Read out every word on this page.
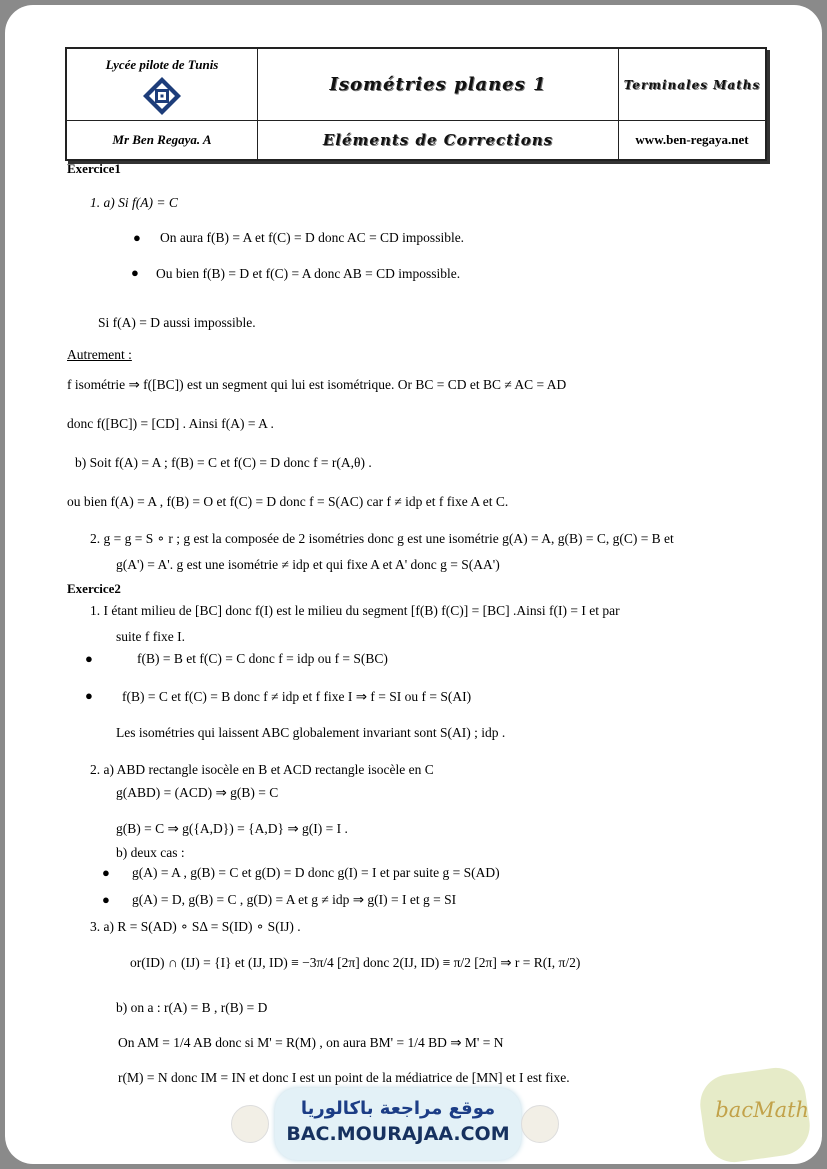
Lycée pilote de Tunis	Isométries planes 1	Terminales Maths
Mr Ben Regaya. A	Eléments de Corrections	www.ben-regaya.net
Exercice1
1. a) Si f(A) = C
● On aura f(B) = A et f(C) = D donc AC = CD impossible.
● Ou bien f(B) = D et f(C) = A donc AB = CD impossible.
Si f(A) = D aussi impossible.
Autrement :
f isométrie ⇒ f([BC]) est un segment qui lui est isométrique. Or BC = CD et BC ≠ AC = AD
donc f([BC]) = [CD] . Ainsi f(A) = A .
b) Soit f(A) = A ; f(B) = C et f(C) = D donc f = r(A,θ) .
ou bien f(A) = A , f(B) = O et f(C) = D donc f = S(AC) car f ≠ idp et f fixe A et C.
2. g = g = S ∘ r ; g est la composée de 2 isométries donc g est une isométrie g(A) = A, g(B) = C, g(C) = B et
g(A') = A'. g est une isométrie ≠ idp et qui fixe A et A' donc g = S(AA')
Exercice2
1. I étant milieu de [BC] donc f(I) est le milieu du segment [f(B) f(C)] = [BC] .Ainsi f(I) = I et par
suite f fixe I.
●	f(B) = B et f(C) = C donc f = idp ou f = S(BC)
● f(B) = C et f(C) = B donc f ≠ idp et f fixe I ⇒ f = SI ou f = S(AI)
Les isométries qui laissent ABC globalement invariant sont S(AI) ; idp .
2. a) ABD rectangle isocèle en B et ACD rectangle isocèle en C
g(ABD) = (ACD) ⇒ g(B) = C
g(B) = C ⇒ g({A,D}) = {A,D} ⇒ g(I) = I .
b) deux cas :
● g(A) = A , g(B) = C et g(D) = D donc g(I) = I et par suite g = S(AD)
● g(A) = D, g(B) = C , g(D) = A et g ≠ idp ⇒ g(I) = I et g = SI
3. a) R = S(AD) ∘ SΔ = S(ID) ∘ S(IJ) .
or(ID) ∩ (IJ) = {I} et (IJ, ID) ≡ −3π/4 [2π] donc 2(IJ, ID) ≡ π/2 [2π] ⇒ r = R(I, π/2)
b) on a : r(A) = B , r(B) = D
On AM = 1/4 AB donc si M' = R(M) , on aura BM' = 1/4 BD ⇒ M' = N
r(M) = N donc IM = IN et donc I est un point de la médiatrice de [MN] et I est fixe.
موقع مراجعة باكالوريا
BAC.MOURAJAA.COM
bacMath
